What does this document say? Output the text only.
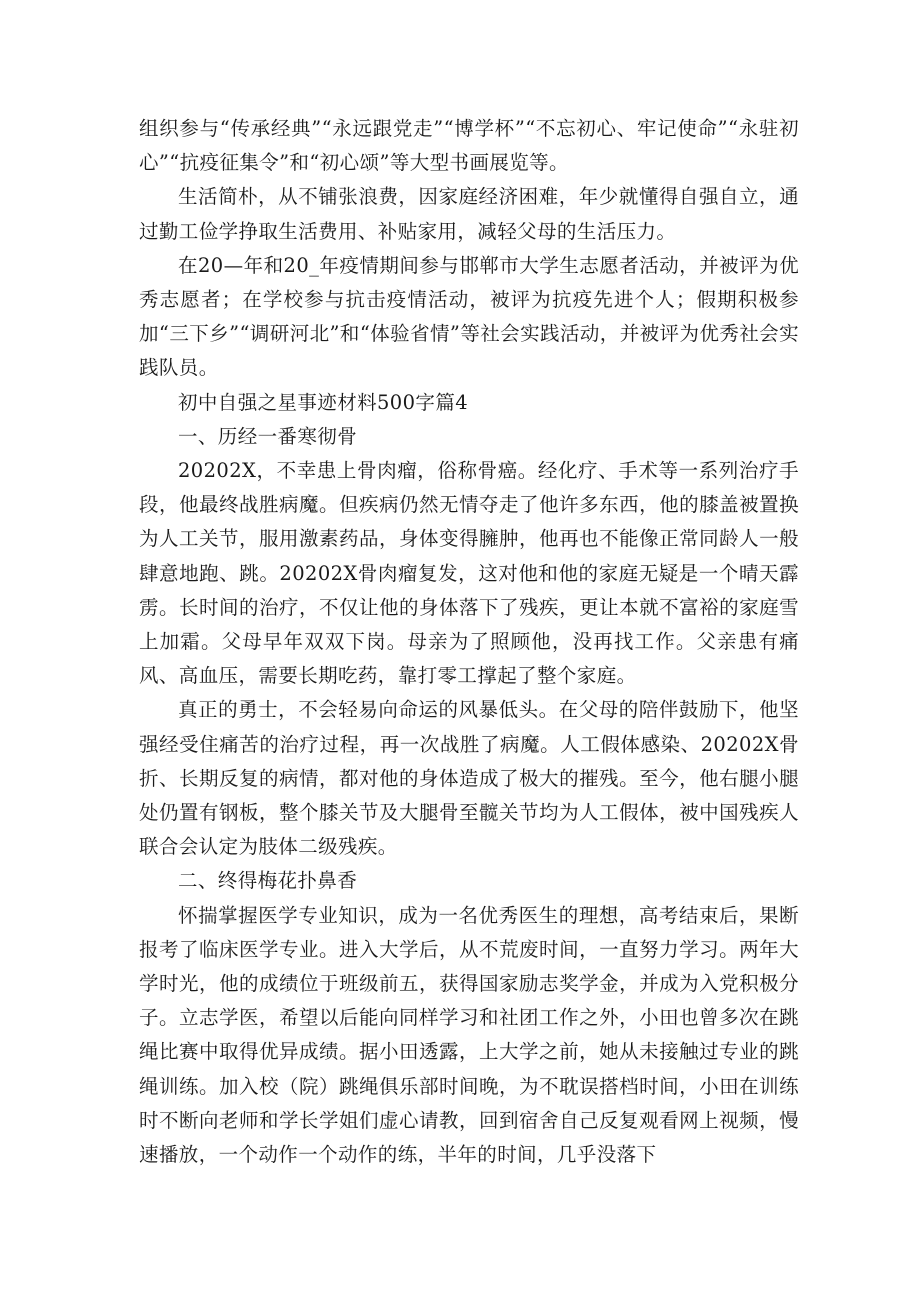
组织参与“传承经典”“永远跟党走”“博学杯”“不忘初心、牢记使命”“永驻初心”“抗疫征集令”和“初心颂”等大型书画展览等。

生活简朴，从不铺张浪费，因家庭经济困难，年少就懂得自强自立，通过勤工俭学挣取生活费用、补贴家用，减轻父母的生活压力。

在20—年和20_年疫情期间参与邯郸市大学生志愿者活动，并被评为优秀志愿者；在学校参与抗击疫情活动，被评为抗疫先进个人；假期积极参加“三下乡”“调研河北”和“体验省情”等社会实践活动，并被评为优秀社会实践队员。

初中自强之星事迹材料500字篇4

一、历经一番寒彻骨

20202X，不幸患上骨肉瘤，俗称骨癌。经化疗、手术等一系列治疗手段，他最终战胜病魔。但疾病仍然无情夺走了他许多东西，他的膝盖被置换为人工关节，服用激素药品，身体变得臃肿，他再也不能像正常同龄人一般肆意地跑、跳。20202X骨肉瘤复发，这对他和他的家庭无疑是一个晴天霹雳。长时间的治疗，不仅让他的身体落下了残疾，更让本就不富裕的家庭雪上加霜。父母早年双双下岗。母亲为了照顾他，没再找工作。父亲患有痛风、高血压，需要长期吃药，靠打零工撑起了整个家庭。

真正的勇士，不会轻易向命运的风暴低头。在父母的陪伴鼓励下，他坚强经受住痛苦的治疗过程，再一次战胜了病魔。人工假体感染、20202X骨折、长期反复的病情，都对他的身体造成了极大的摧残。至今，他右腿小腿处仍置有钢板，整个膝关节及大腿骨至髋关节均为人工假体，被中国残疾人联合会认定为肢体二级残疾。

二、终得梅花扑鼻香

怀揣掌握医学专业知识，成为一名优秀医生的理想，高考结束后，果断报考了临床医学专业。进入大学后，从不荒废时间，一直努力学习。两年大学时光，他的成绩位于班级前五，获得国家励志奖学金，并成为入党积极分子。立志学医，希望以后能向同样学习和社团工作之外，小田也曾多次在跳绳比赛中取得优异成绩。据小田透露，上大学之前，她从未接触过专业的跳绳训练。加入校（院）跳绳俱乐部时间晚，为不耽误搭档时间，小田在训练时不断向老师和学长学姐们虚心请教，回到宿舍自己反复观看网上视频，慢速播放，一个动作一个动作的练，半年的时间，几乎没落下
